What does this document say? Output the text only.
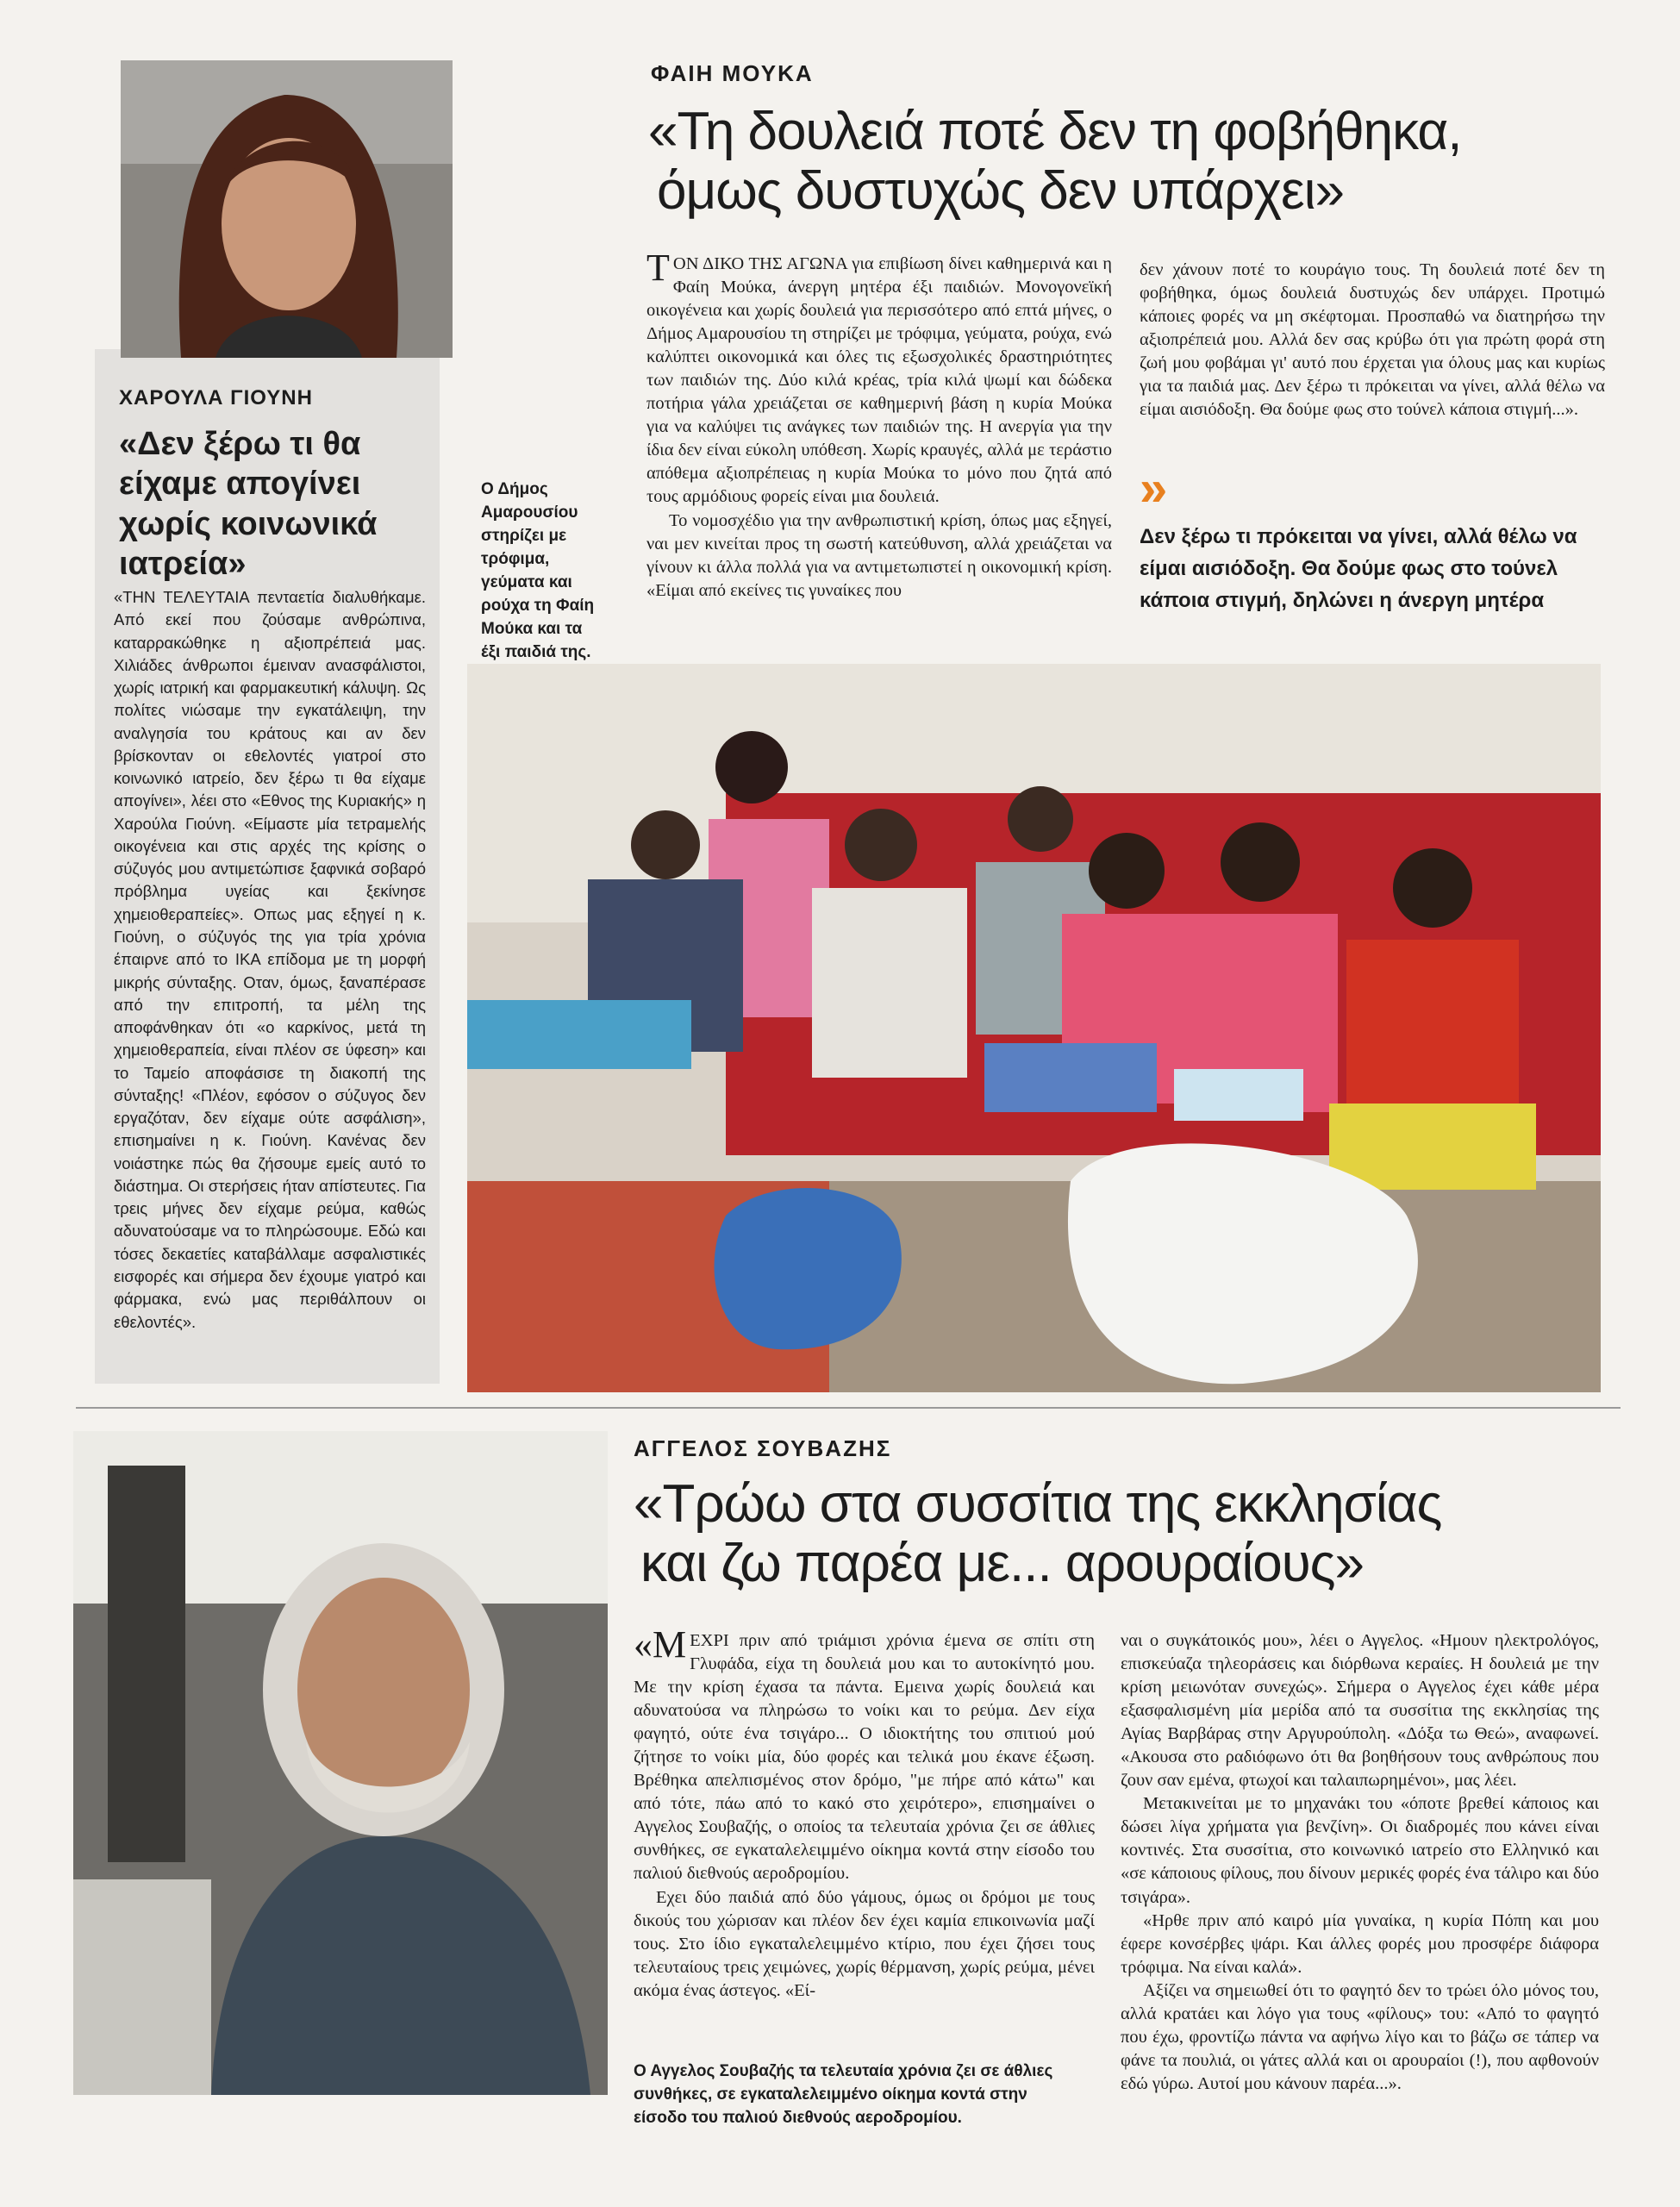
ΧΑΡΟΥΛΑ ΓΙΟΥΝΗ
«Δεν ξέρω τι θα είχαμε απογίνει χωρίς κοινωνικά ιατρεία»
«ΤΗΝ ΤΕΛΕΥΤΑΙΑ πενταετία διαλυθήκαμε. Από εκεί που ζούσαμε ανθρώπινα, καταρρακώθηκε η αξιοπρέπειά μας. Χιλιάδες άνθρωποι έμειναν ανασφάλιστοι, χωρίς ιατρική και φαρμακευτική κάλυψη. Ως πολίτες νιώσαμε την εγκατάλειψη, την αναλγησία του κράτους και αν δεν βρίσκονταν οι εθελοντές γιατροί στο κοινωνικό ιατρείο, δεν ξέρω τι θα είχαμε απογίνει», λέει στο «Εθνος της Κυριακής» η Χαρούλα Γιούνη. «Είμαστε μία τετραμελής οικογένεια και στις αρχές της κρίσης ο σύζυγός μου αντιμετώπισε ξαφνικά σοβαρό πρόβλημα υγείας και ξεκίνησε χημειοθεραπείες». Οπως μας εξηγεί η κ. Γιούνη, ο σύζυγός της για τρία χρόνια έπαιρνε από το ΙΚΑ επίδομα με τη μορφή μικρής σύνταξης. Οταν, όμως, ξαναπέρασε από την επιτροπή, τα μέλη της αποφάνθηκαν ότι «ο καρκίνος, μετά τη χημειοθεραπεία, είναι πλέον σε ύφεση» και το Ταμείο αποφάσισε τη διακοπή της σύνταξης! «Πλέον, εφόσον ο σύζυγος δεν εργαζόταν, δεν είχαμε ούτε ασφάλιση», επισημαίνει η κ. Γιούνη. Κανένας δεν νοιάστηκε πώς θα ζήσουμε εμείς αυτό το διάστημα. Οι στερήσεις ήταν απίστευτες. Για τρεις μήνες δεν είχαμε ρεύμα, καθώς αδυνατούσαμε να το πληρώσουμε. Εδώ και τόσες δεκαετίες καταβάλλαμε ασφαλιστικές εισφορές και σήμερα δεν έχουμε γιατρό και φάρμακα, ενώ μας περιθάλπουν οι εθελοντές».
ΦΑΙΗ ΜΟΥΚΑ
«Τη δουλειά ποτέ δεν τη φοβήθηκα,
όμως δυστυχώς δεν υπάρχει»
Ο Δήμος Αμαρουσίου στηρίζει με τρόφιμα, γεύματα και ρούχα τη Φαίη Μούκα και τα έξι παιδιά της.

ΤΟΝ ΔΙΚΟ ΤΗΣ ΑΓΩΝΑ για επιβίωση δίνει καθημερινά και η Φαίη Μούκα, άνεργη μητέρα έξι παιδιών. Μονογονεϊκή οικογένεια και χωρίς δουλειά για περισσότερο από επτά μήνες, ο Δήμος Αμαρουσίου τη στηρίζει με τρόφιμα, γεύματα, ρούχα, ενώ καλύπτει οικονομικά και όλες τις εξωσχολικές δραστηριότητες των παιδιών της. Δύο κιλά κρέας, τρία κιλά ψωμί και δώδεκα ποτήρια γάλα χρειάζεται σε καθημερινή βάση η κυρία Μούκα για να καλύψει τις ανάγκες των παιδιών της. Η ανεργία για την ίδια δεν είναι εύκολη υπόθεση. Χωρίς κραυγές, αλλά με τεράστιο απόθεμα αξιοπρέπειας η κυρία Μούκα το μόνο που ζητά από τους αρμόδιους φορείς είναι μια δουλειά.

Το νομοσχέδιο για την ανθρωπιστική κρίση, όπως μας εξηγεί, ναι μεν κινείται προς τη σωστή κατεύθυνση, αλλά χρειάζεται να γίνουν κι άλλα πολλά για να αντιμετωπιστεί η οικονομική κρίση. «Είμαι από εκείνες τις γυναίκες που

δεν χάνουν ποτέ το κουράγιο τους. Τη δουλειά ποτέ δεν τη φοβήθηκα, όμως δουλειά δυστυχώς δεν υπάρχει. Προτιμώ κάποιες φορές να μη σκέφτομαι. Προσπαθώ να διατηρήσω την αξιοπρέπειά μου. Αλλά δεν σας κρύβω ότι για πρώτη φορά στη ζωή μου φοβάμαι γι' αυτό που έρχεται για όλους μας και κυρίως για τα παιδιά μας. Δεν ξέρω τι πρόκειται να γίνει, αλλά θέλω να είμαι αισιόδοξη. Θα δούμε φως στο τούνελ κάποια στιγμή...».

»
Δεν ξέρω τι πρόκειται να γίνει, αλλά θέλω να είμαι αισιόδοξη. Θα δούμε φως στο τούνελ κάποια στιγμή, δηλώνει η άνεργη μητέρα
ΑΓΓΕΛΟΣ ΣΟΥΒΑΖΗΣ
«Τρώω στα συσσίτια της εκκλησίας
και ζω παρέα με... αρουραίους»

«ΜΕΧΡΙ πριν από τριάμισι χρόνια έμενα σε σπίτι στη Γλυφάδα, είχα τη δουλειά μου και το αυτοκίνητό μου. Με την κρίση έχασα τα πάντα. Εμεινα χωρίς δουλειά και αδυνατούσα να πληρώσω το νοίκι και το ρεύμα. Δεν είχα φαγητό, ούτε ένα τσιγάρο... Ο ιδιοκτήτης του σπιτιού μού ζήτησε το νοίκι μία, δύο φορές και τελικά μου έκανε έξωση. Βρέθηκα απελπισμένος στον δρόμο, "με πήρε από κάτω" και από τότε, πάω από το κακό στο χειρότερο», επισημαίνει ο Αγγελος Σουβαζής, ο οποίος τα τελευταία χρόνια ζει σε άθλιες συνθήκες, σε εγκαταλελειμμένο οίκημα κοντά στην είσοδο του παλιού διεθνούς αεροδρομίου.

Εχει δύο παιδιά από δύο γάμους, όμως οι δρόμοι με τους δικούς του χώρισαν και πλέον δεν έχει καμία επικοινωνία μαζί τους. Στο ίδιο εγκαταλελειμμένο κτίριο, που έχει ζήσει τους τελευταίους τρεις χειμώνες, χωρίς θέρμανση, χωρίς ρεύμα, μένει ακόμα ένας άστεγος. «Εί-

Ο Αγγελος Σουβαζής τα τελευταία χρόνια ζει σε άθλιες συνθήκες, σε εγκαταλελειμμένο οίκημα κοντά στην είσοδο του παλιού διεθνούς αεροδρομίου.

ναι ο συγκάτοικός μου», λέει ο Αγγελος. «Ημουν ηλεκτρολόγος, επισκεύαζα τηλεοράσεις και διόρθωνα κεραίες. Η δουλειά με την κρίση μειωνόταν συνεχώς». Σήμερα ο Αγγελος έχει κάθε μέρα εξασφαλισμένη μία μερίδα από τα συσσίτια της εκκλησίας της Αγίας Βαρβάρας στην Αργυρούπολη. «Δόξα τω Θεώ», αναφωνεί. «Ακουσα στο ραδιόφωνο ότι θα βοηθήσουν τους ανθρώπους που ζουν σαν εμένα, φτωχοί και ταλαιπωρημένοι», μας λέει.

Μετακινείται με το μηχανάκι του «όποτε βρεθεί κάποιος και δώσει λίγα χρήματα για βενζίνη». Οι διαδρομές που κάνει είναι κοντινές. Στα συσσίτια, στο κοινωνικό ιατρείο στο Ελληνικό και «σε κάποιους φίλους, που δίνουν μερικές φορές ένα τάλιρο και δύο τσιγάρα».

«Ηρθε πριν από καιρό μία γυναίκα, η κυρία Πόπη και μου έφερε κονσέρβες ψάρι. Και άλλες φορές μου προσφέρε διάφορα τρόφιμα. Να είναι καλά».

Αξίζει να σημειωθεί ότι το φαγητό δεν το τρώει όλο μόνος του, αλλά κρατάει και λόγο για τους «φίλους» του: «Από το φαγητό που έχω, φροντίζω πάντα να αφήνω λίγο και το βάζω σε τάπερ να φάνε τα πουλιά, οι γάτες αλλά και οι αρουραίοι (!), που αφθονούν εδώ γύρω. Αυτοί μου κάνουν παρέα...».
